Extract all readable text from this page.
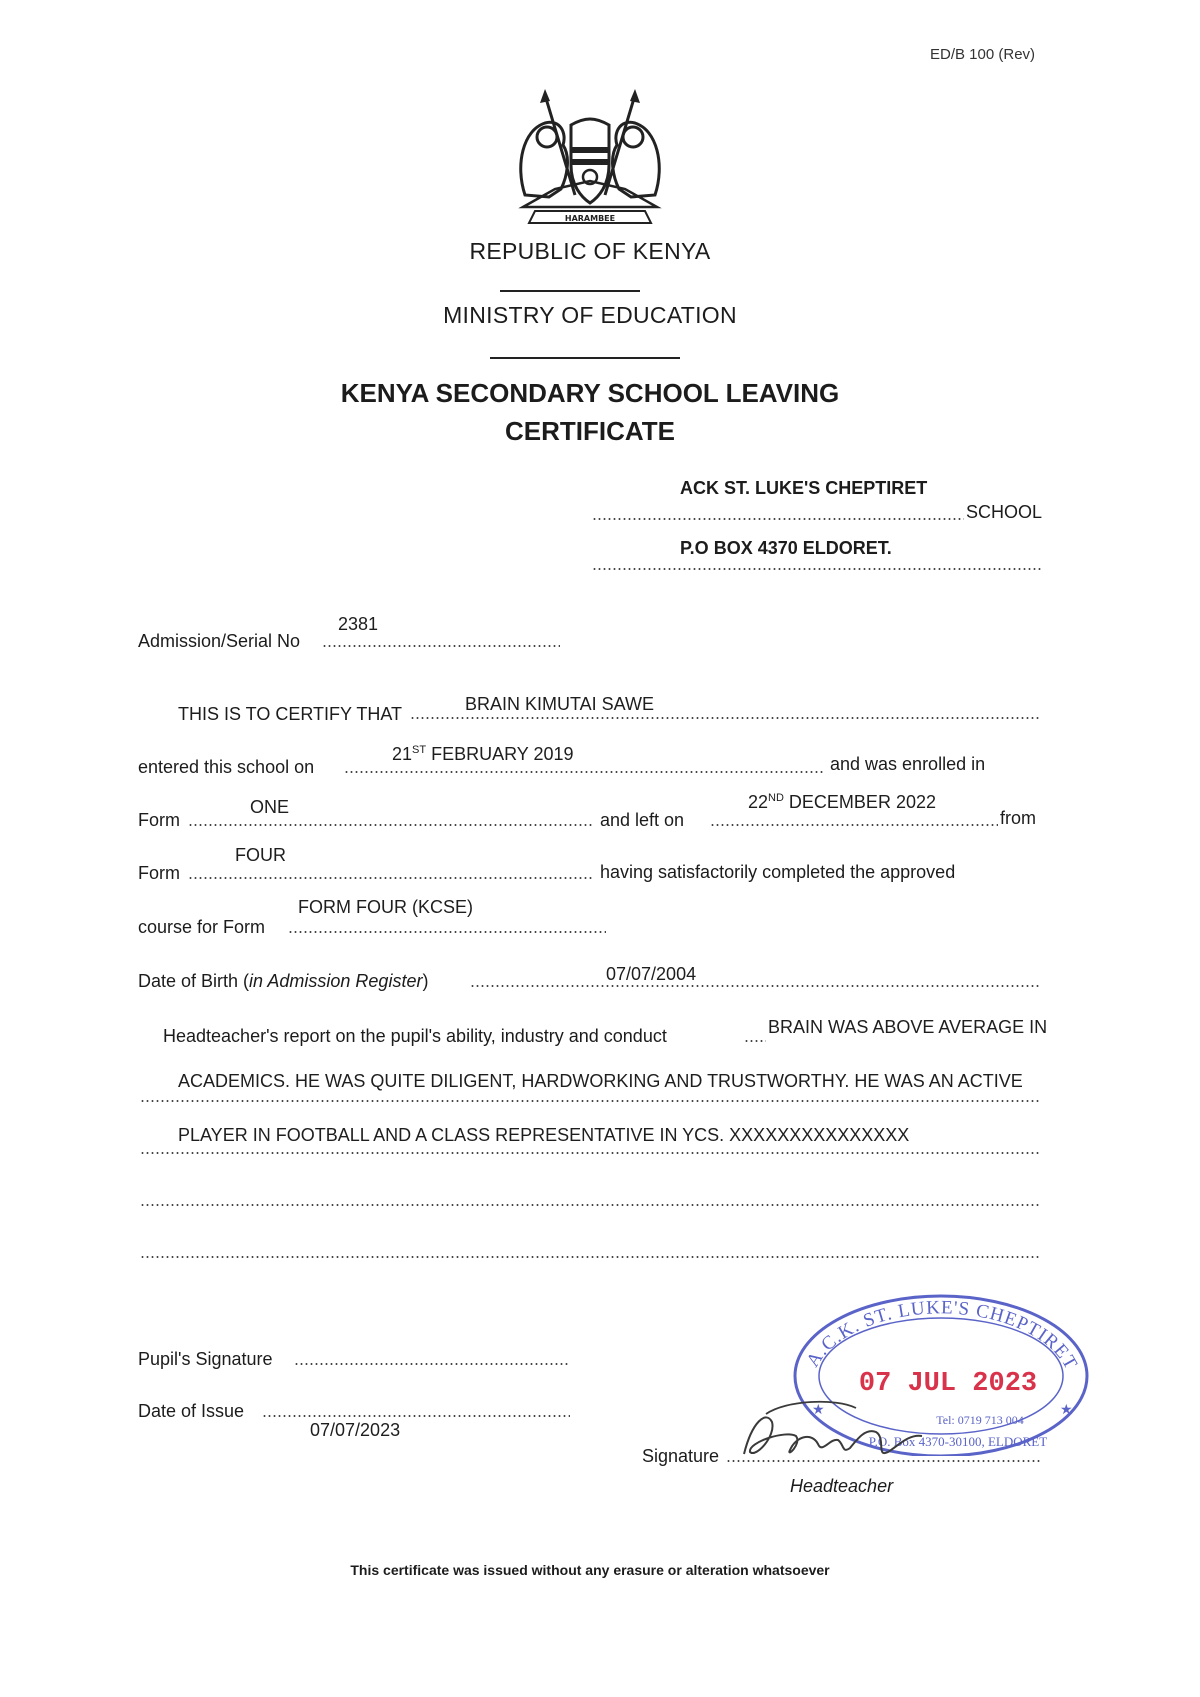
ED/B 100 (Rev)
HARAMBEE
REPUBLIC OF KENYA
MINISTRY OF EDUCATION
KENYA SECONDARY SCHOOL LEAVING
CERTIFICATE
ACK ST. LUKE'S CHEPTIRET
SCHOOL
P.O BOX 4370 ELDORET.
Admission/Serial No
2381
THIS IS TO CERTIFY THAT	BRAIN KIMUTAI SAWE
entered this school on
21ST FEBRUARY 2019	and was enrolled in
Form
ONE
and left on
22ND DECEMBER 2022
from
Form
FOUR
having satisfactorily completed the approved
course for Form
FORM FOUR (KCSE)
Date of Birth (in Admission Register)	07/07/2004
Headteacher's report on the pupil's ability, industry and conduct	BRAIN WAS ABOVE AVERAGE IN
ACADEMICS. HE WAS QUITE DILIGENT, HARDWORKING AND TRUSTWORTHY. HE WAS AN ACTIVE
PLAYER IN FOOTBALL AND A CLASS REPRESENTATIVE IN YCS. XXXXXXXXXXXXXXX
Pupil's Signature
Date of Issue
07/07/2023
A.C.K. ST. LUKE'S CHEPTIRET
★	★
07 JUL 2023
Tel: 0719 713 004
P.O. Box 4370-30100, ELDORET
Signature
Headteacher
This certificate was issued without any erasure or alteration whatsoever
